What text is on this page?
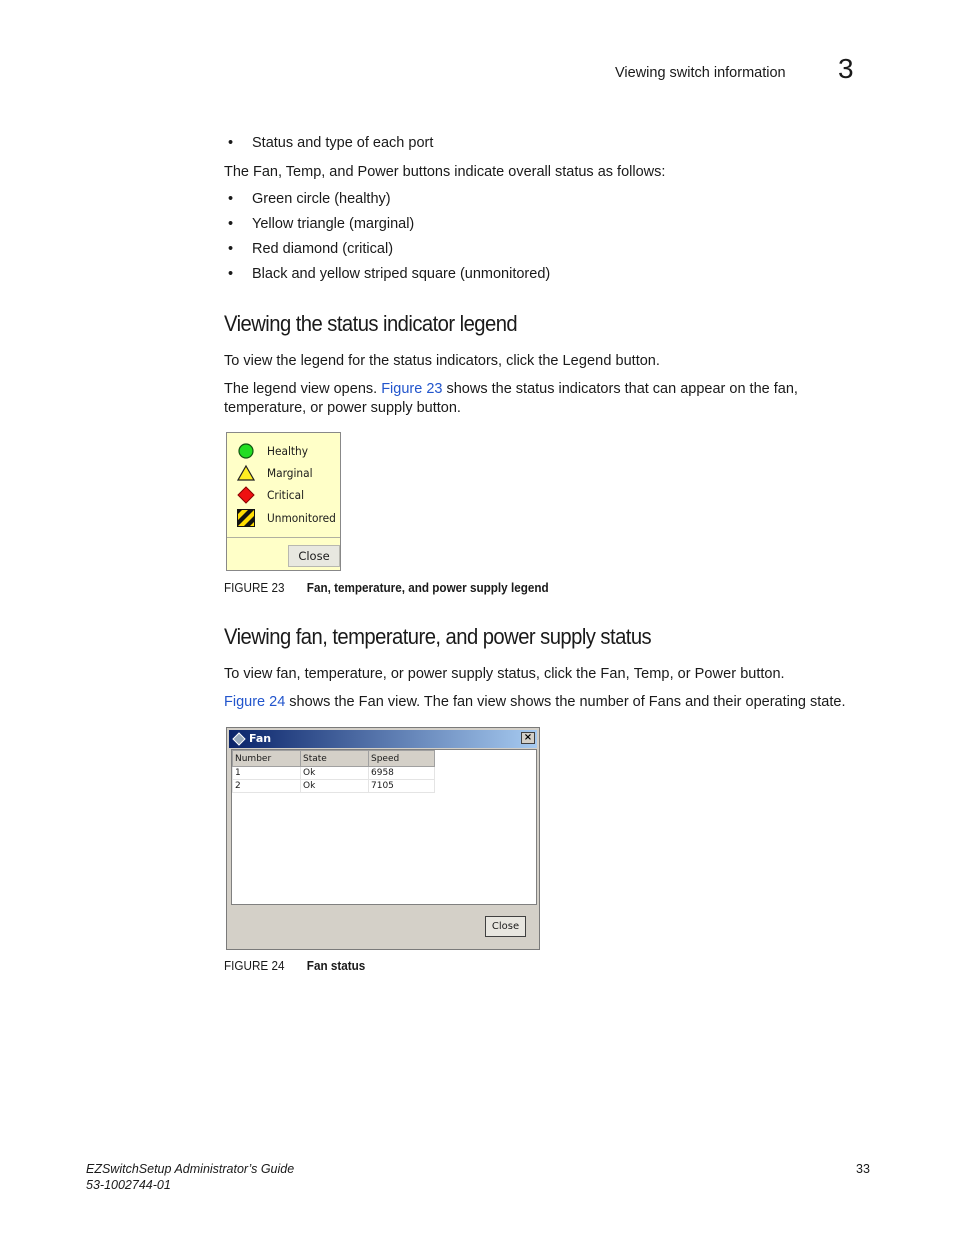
Viewing switch information 3
• Status and type of each port
The Fan, Temp, and Power buttons indicate overall status as follows:
• Green circle (healthy)
• Yellow triangle (marginal)
• Red diamond (critical)
• Black and yellow striped square (unmonitored)
Viewing the status indicator legend
To view the legend for the status indicators, click the Legend button.
The legend view opens. Figure 23 shows the status indicators that can appear on the fan,
temperature, or power supply button.
Healthy
Marginal
Critical
Unmonitored
Close
FIGURE 23 Fan, temperature, and power supply legend
Viewing fan, temperature, and power supply status
To view fan, temperature, or power supply status, click the Fan, Temp, or Power button.
Figure 24 shows the Fan view. The fan view shows the number of Fans and their operating state.
Fan	×
Number	State	Speed
1	Ok	6958
2	Ok	7105
Close
FIGURE 24 Fan status
EZSwitchSetup Administrator’s Guide
53-1002744-01
33
